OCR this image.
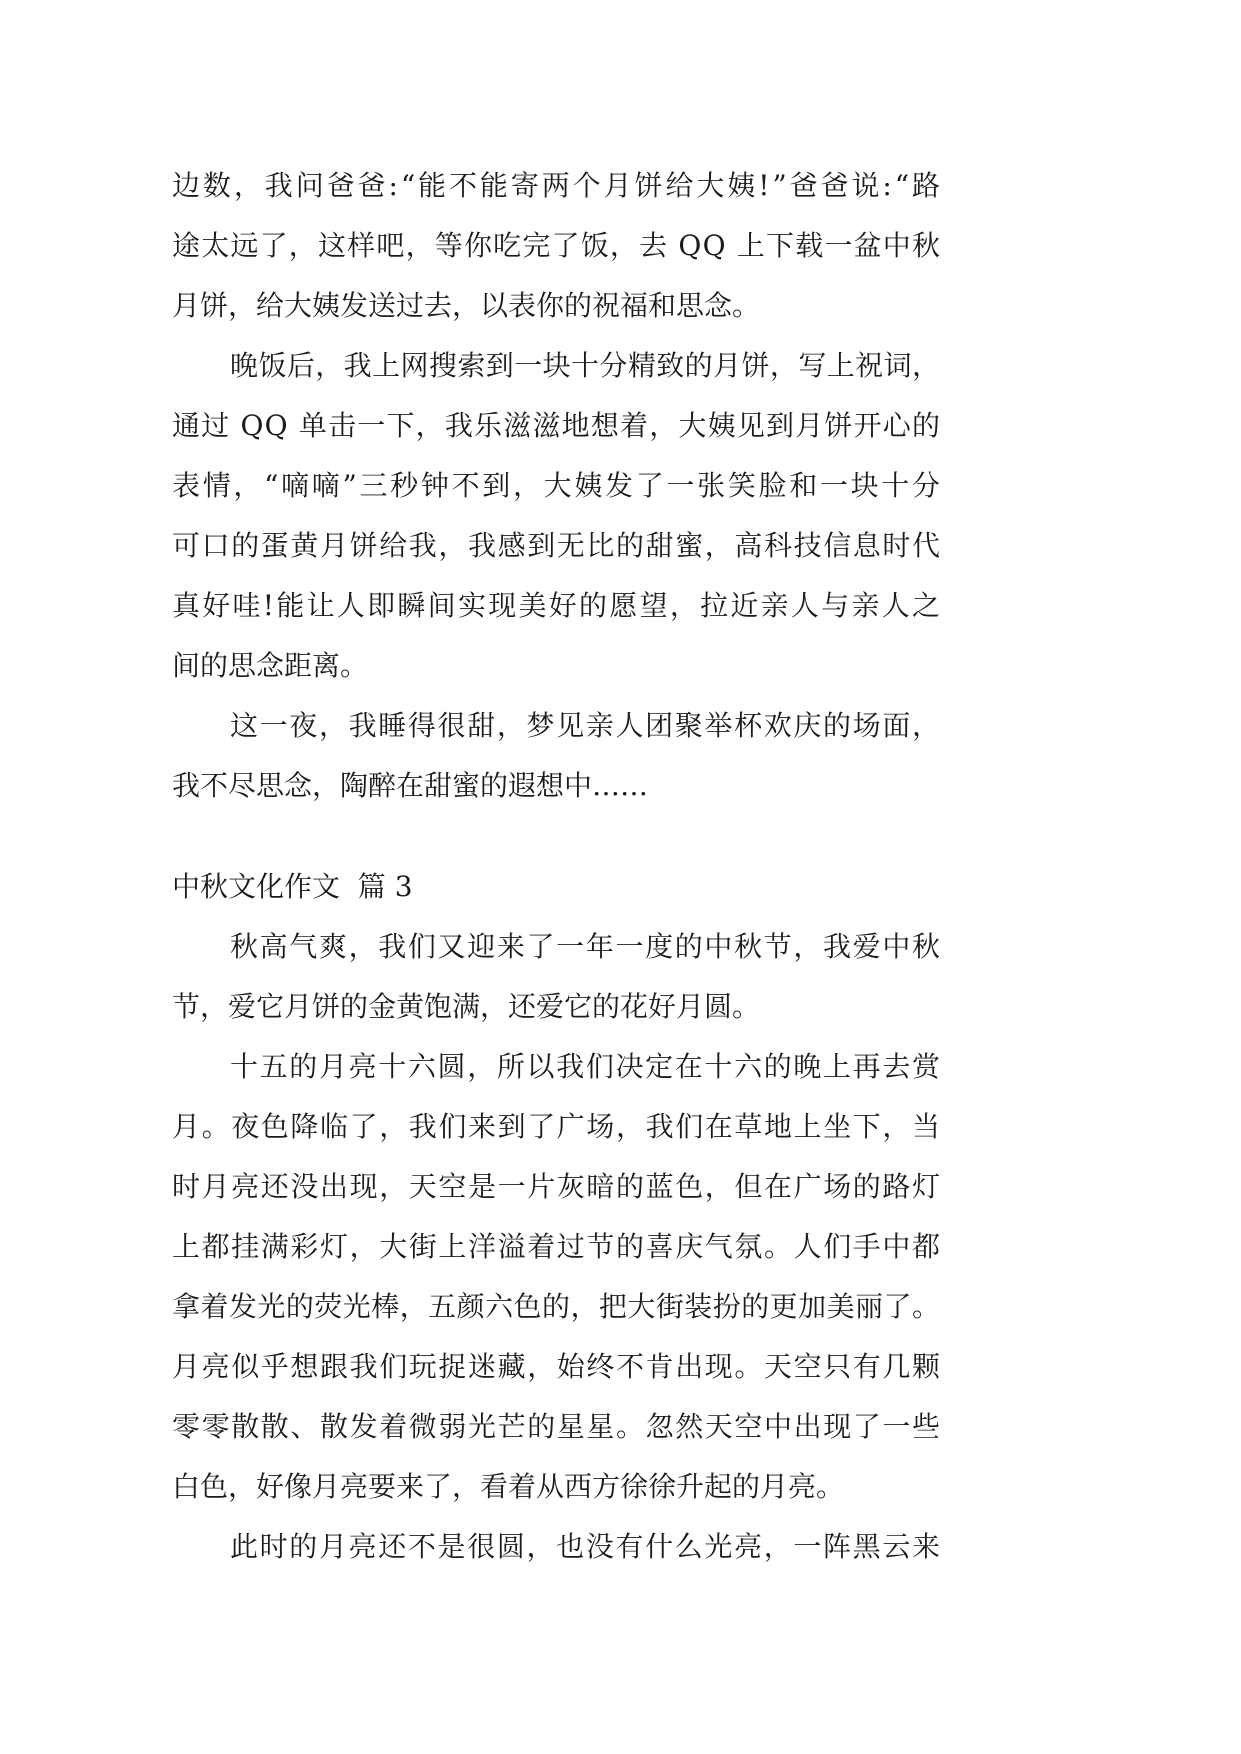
边数，我问爸爸:“能不能寄两个月饼给大姨!”爸爸说:“路
途太远了，这样吧，等你吃完了饭，去 QQ 上下载一盆中秋
月饼，给大姨发送过去，以表你的祝福和思念。
晚饭后，我上网搜索到一块十分精致的月饼，写上祝词，
通过 QQ 单击一下，我乐滋滋地想着，大姨见到月饼开心的
表情，“嘀嘀”三秒钟不到，大姨发了一张笑脸和一块十分
可口的蛋黄月饼给我，我感到无比的甜蜜，高科技信息时代
真好哇!能让人即瞬间实现美好的愿望，拉近亲人与亲人之
间的思念距离。
这一夜，我睡得很甜，梦见亲人团聚举杯欢庆的场面，
我不尽思念，陶醉在甜蜜的遐想中……
中秋文化作文  篇 3
秋高气爽，我们又迎来了一年一度的中秋节，我爱中秋
节，爱它月饼的金黄饱满，还爱它的花好月圆。
十五的月亮十六圆，所以我们决定在十六的晚上再去赏
月。夜色降临了，我们来到了广场，我们在草地上坐下，当
时月亮还没出现，天空是一片灰暗的蓝色，但在广场的路灯
上都挂满彩灯，大街上洋溢着过节的喜庆气氛。人们手中都
拿着发光的荧光棒，五颜六色的，把大街装扮的更加美丽了。
月亮似乎想跟我们玩捉迷藏，始终不肯出现。天空只有几颗
零零散散、散发着微弱光芒的星星。忽然天空中出现了一些
白色，好像月亮要来了，看着从西方徐徐升起的月亮。
此时的月亮还不是很圆，也没有什么光亮，一阵黑云来
